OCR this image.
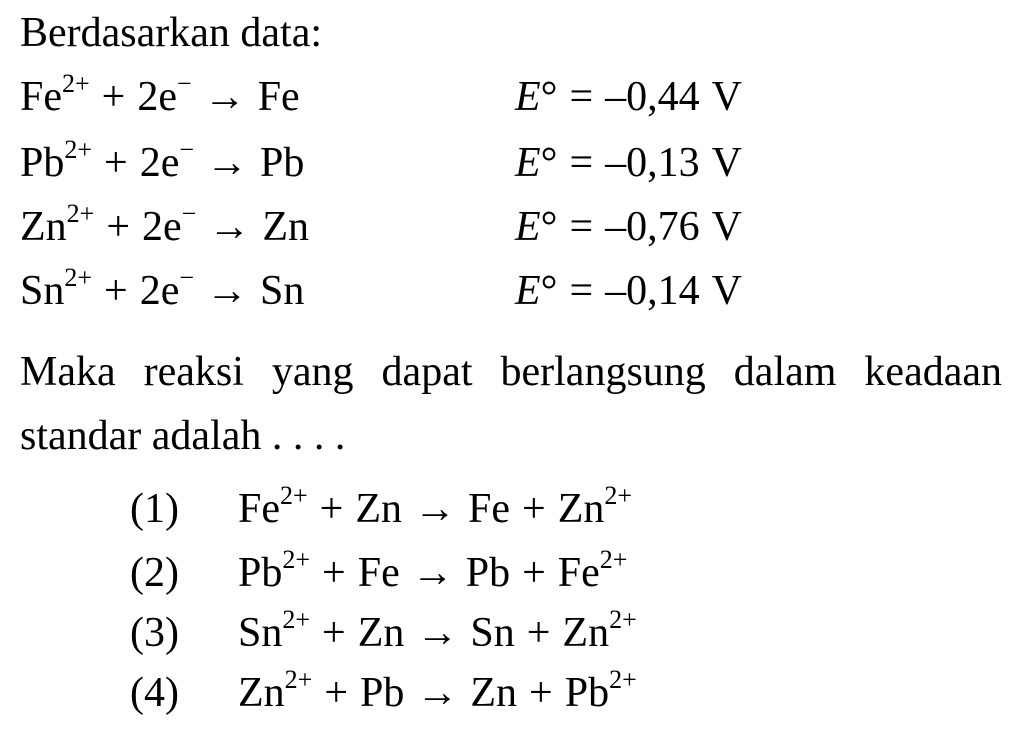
Berdasarkan data:
$Fe^{2+} + 2e^- \to Fe$	E° = –0,44 V
$Pb^{2+} + 2e^- \to Pb$	E° = –0,13 V
$Zn^{2+} + 2e^- \to Zn$	E° = –0,76 V
$Sn^{2+} + 2e^- \to Sn$	E° = –0,14 V
Maka reaksi yang dapat berlangsung dalam keadaan standar adalah . . . .
(1) $Fe^{2+} + Zn \to Fe + Zn^{2+}$
(2) $Pb^{2+} + Fe \to Pb + Fe^{2+}$
(3) $Sn^{2+} + Zn \to Sn + Zn^{2+}$
(4) $Zn^{2+} + Pb \to Zn + Pb^{2+}$
